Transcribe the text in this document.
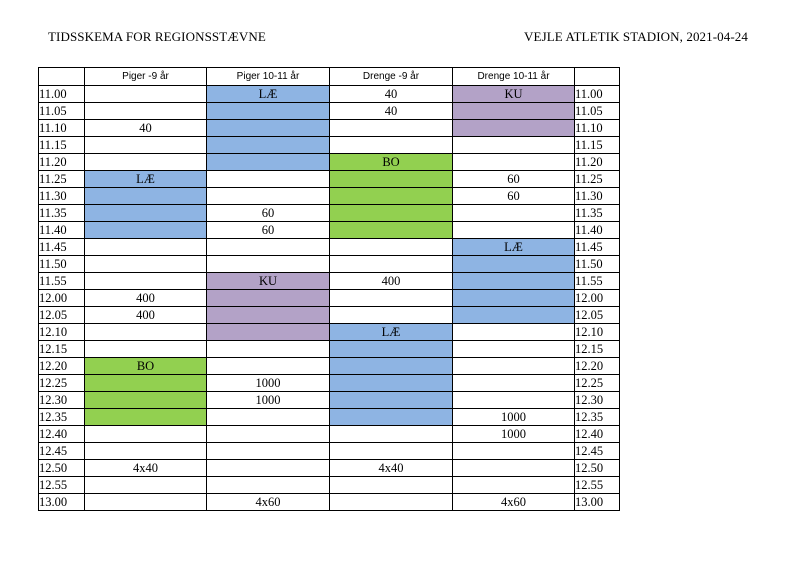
TIDSSKEMA FOR REGIONSSTÆVNE	VEJLE ATLETIK STADION, 2021-04-24
	Piger -9 år	Piger 10-11 år	Drenge -9 år	Drenge 10-11 år	
11.00		LÆ	40	KU	11.00
11.05			40		11.05
11.10	40				11.10
11.15					11.15
11.20			BO		11.20
11.25	LÆ			60	11.25
11.30				60	11.30
11.35		60			11.35
11.40		60			11.40
11.45				LÆ	11.45
11.50					11.50
11.55		KU	400		11.55
12.00	400				12.00
12.05	400				12.05
12.10			LÆ		12.10
12.15					12.15
12.20	BO				12.20
12.25		1000			12.25
12.30		1000			12.30
12.35				1000	12.35
12.40				1000	12.40
12.45					12.45
12.50	4x40		4x40		12.50
12.55					12.55
13.00		4x60		4x60	13.00
